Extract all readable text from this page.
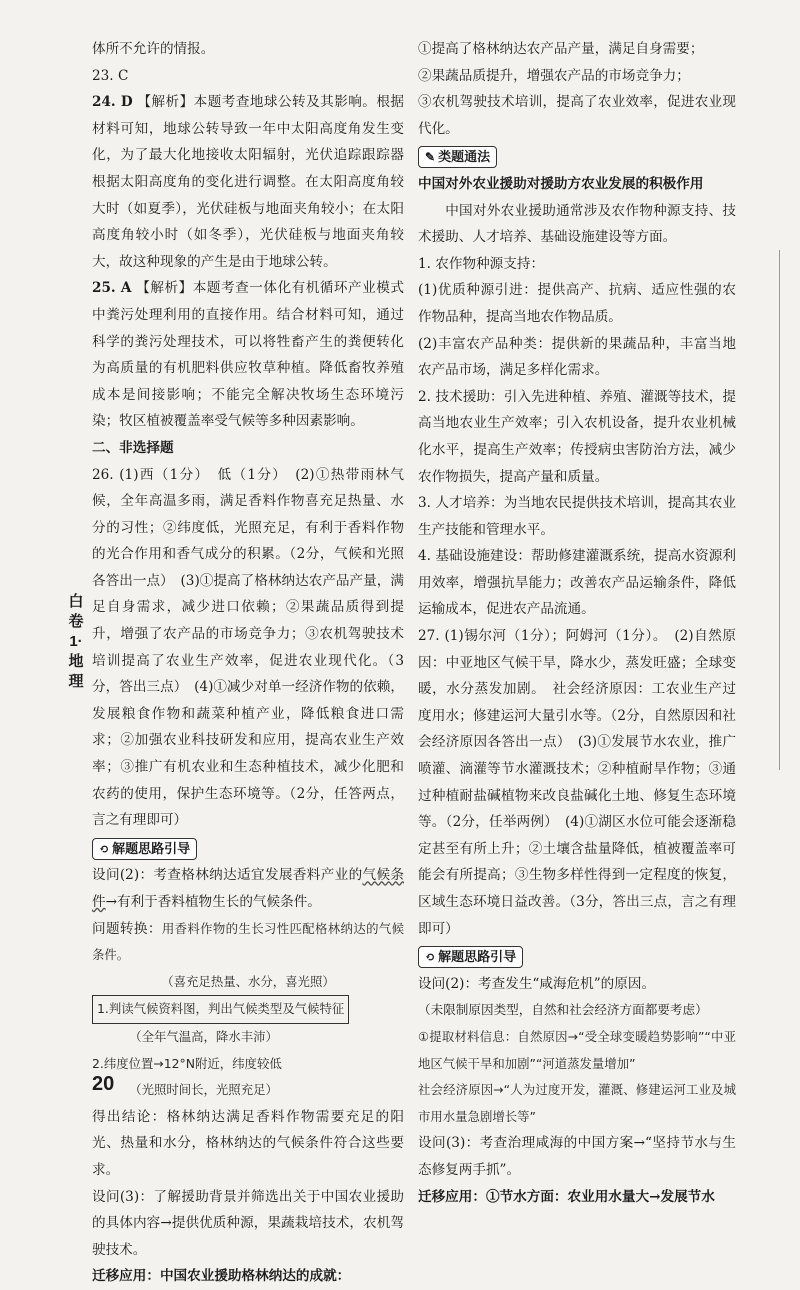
体所不允许的情报。

23. C

24. D 【解析】本题考查地球公转及其影响。根据材料可知，地球公转导致一年中太阳高度角发生变化，为了最大化地接收太阳辐射，光伏追踪跟踪器根据太阳高度角的变化进行调整。在太阳高度角较大时（如夏季），光伏硅板与地面夹角较小；在太阳高度角较小时（如冬季），光伏硅板与地面夹角较大，故这种现象的产生是由于地球公转。

25. A 【解析】本题考查一体化有机循环产业模式中粪污处理利用的直接作用。结合材料可知，通过科学的粪污处理技术，可以将牲畜产生的粪便转化为高质量的有机肥料供应牧草种植。降低畜牧养殖成本是间接影响；不能完全解决牧场生态环境污染；牧区植被覆盖率受气候等多种因素影响。

二、非选择题

26. (1)西（1分）　低（1分）　(2)①热带雨林气候，全年高温多雨，满足香料作物喜充足热量、水分的习性；②纬度低，光照充足，有利于香料作物的光合作用和香气成分的积累。（2分，气候和光照各答出一点）　(3)①提高了格林纳达农产品产量，满足自身需求，减少进口依赖；②果蔬品质得到提升，增强了农产品的市场竞争力；③农机驾驶技术培训提高了农业生产效率，促进农业现代化。（3分，答出三点）　(4)①减少对单一经济作物的依赖，发展粮食作物和蔬菜种植产业，降低粮食进口需求；②加强农业科技研发和应用，提高农业生产效率；③推广有机农业和生态种植技术，减少化肥和农药的使用，保护生态环境等。（2分，任答两点，言之有理即可）

⟲ 解题思路引导

设问(2)：考查格林纳达适宜发展香料产业的气候条件→有利于香料植物生长的气候条件。

问题转换：用香料作物的生长习性匹配格林纳达的气候条件。

（喜充足热量、水分，喜光照）

1.判读气候资料图，判出气候类型及气候特征

（全年气温高，降水丰沛）

2.纬度位置→12°N附近，纬度较低

（光照时间长，光照充足）

得出结论：格林纳达满足香料作物需要充足的阳光、热量和水分，格林纳达的气候条件符合这些要求。

设问(3)：了解援助背景并筛选出关于中国农业援助的具体内容→提供优质种源，果蔬栽培技术，农机驾驶技术。

迁移应用：中国农业援助格林纳达的成就：

①提高了格林纳达农产品产量，满足自身需要；

②果蔬品质提升，增强农产品的市场竞争力；

③农机驾驶技术培训，提高了农业效率，促进农业现代化。

✎ 类题通法

中国对外农业援助对援助方农业发展的积极作用

中国对外农业援助通常涉及农作物种源支持、技术援助、人才培养、基础设施建设等方面。

1. 农作物种源支持：

(1)优质种源引进：提供高产、抗病、适应性强的农作物品种，提高当地农作物品质。

(2)丰富农产品种类：提供新的果蔬品种，丰富当地农产品市场，满足多样化需求。

2. 技术援助：引入先进种植、养殖、灌溉等技术，提高当地农业生产效率；引入农机设备，提升农业机械化水平，提高生产效率；传授病虫害防治方法，减少农作物损失，提高产量和质量。

3. 人才培养：为当地农民提供技术培训，提高其农业生产技能和管理水平。

4. 基础设施建设：帮助修建灌溉系统，提高水资源利用效率，增强抗旱能力；改善农产品运输条件，降低运输成本，促进农产品流通。

27. (1)锡尔河（1分）；阿姆河（1分）。　(2)自然原因：中亚地区气候干旱，降水少，蒸发旺盛；全球变暖，水分蒸发加剧。　社会经济原因：工农业生产过度用水；修建运河大量引水等。（2分，自然原因和社会经济原因各答出一点）　(3)①发展节水农业，推广喷灌、滴灌等节水灌溉技术；②种植耐旱作物；③通过种植耐盐碱植物来改良盐碱化土地、修复生态环境等。（2分，任举两例）　(4)①湖区水位可能会逐渐稳定甚至有所上升；②土壤含盐量降低，植被覆盖率可能会有所提高；③生物多样性得到一定程度的恢复，区域生态环境日益改善。（3分，答出三点，言之有理即可）

⟲ 解题思路引导

设问(2)：考查发生“咸海危机”的原因。

（未限制原因类型，自然和社会经济方面都要考虑）

①提取材料信息：自然原因→“受全球变暖趋势影响”“中亚地区气候干旱和加剧”“河道蒸发量增加”

社会经济原因→“人为过度开发，灌溉、修建运河工业及城市用水量急剧增长等”

设问(3)：考查治理咸海的中国方案→“坚持节水与生态修复两手抓”。

迁移应用：①节水方面：农业用水量大→发展节水

白卷1·地理
20
